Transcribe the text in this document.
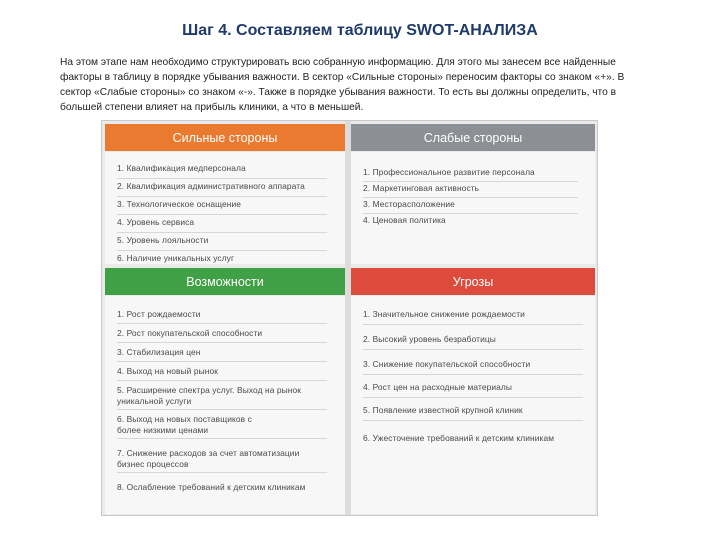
Шаг 4. Составляем таблицу SWOT-АНАЛИЗА
На этом этапе нам необходимо структурировать всю собранную информацию. Для этого мы занесем все найденные
факторы в таблицу в порядке убывания важности. В сектор «Сильные стороны» переносим факторы со знаком «+». В
сектор «Слабые стороны» со знаком «-». Также в порядке убывания важности. То есть вы должны определить, что в
большей степени влияет на прибыль клиники, а что в меньшей.
Сильные стороны
1. Квалификация медперсонала
2. Квалификация административного аппарата
3. Технологическое оснащение
4. Уровень сервиса
5. Уровень лояльности
6. Наличие уникальных услуг
Слабые стороны
1. Профессиональное развитие персонала
2. Маркетинговая активность
3. Месторасположение
4. Ценовая политика
Возможности
1. Рост рождаемости
2. Рост покупательской способности
3. Стабилизация цен
4. Выход на новый рынок
5. Расширение спектра услуг. Выход на рынок
уникальной услуги
6. Выход на новых поставщиков с
более низкими ценами
7. Снижение расходов за счет автоматизации
бизнес процессов
8. Ослабление требований к детским клиникам
Угрозы
1. Значительное снижение рождаемости
2. Высокий уровень безработицы
3. Снижение покупательской способности
4. Рост цен на расходные материалы
5. Появление известной крупной клиник
6. Ужесточение требований к детским клиникам
